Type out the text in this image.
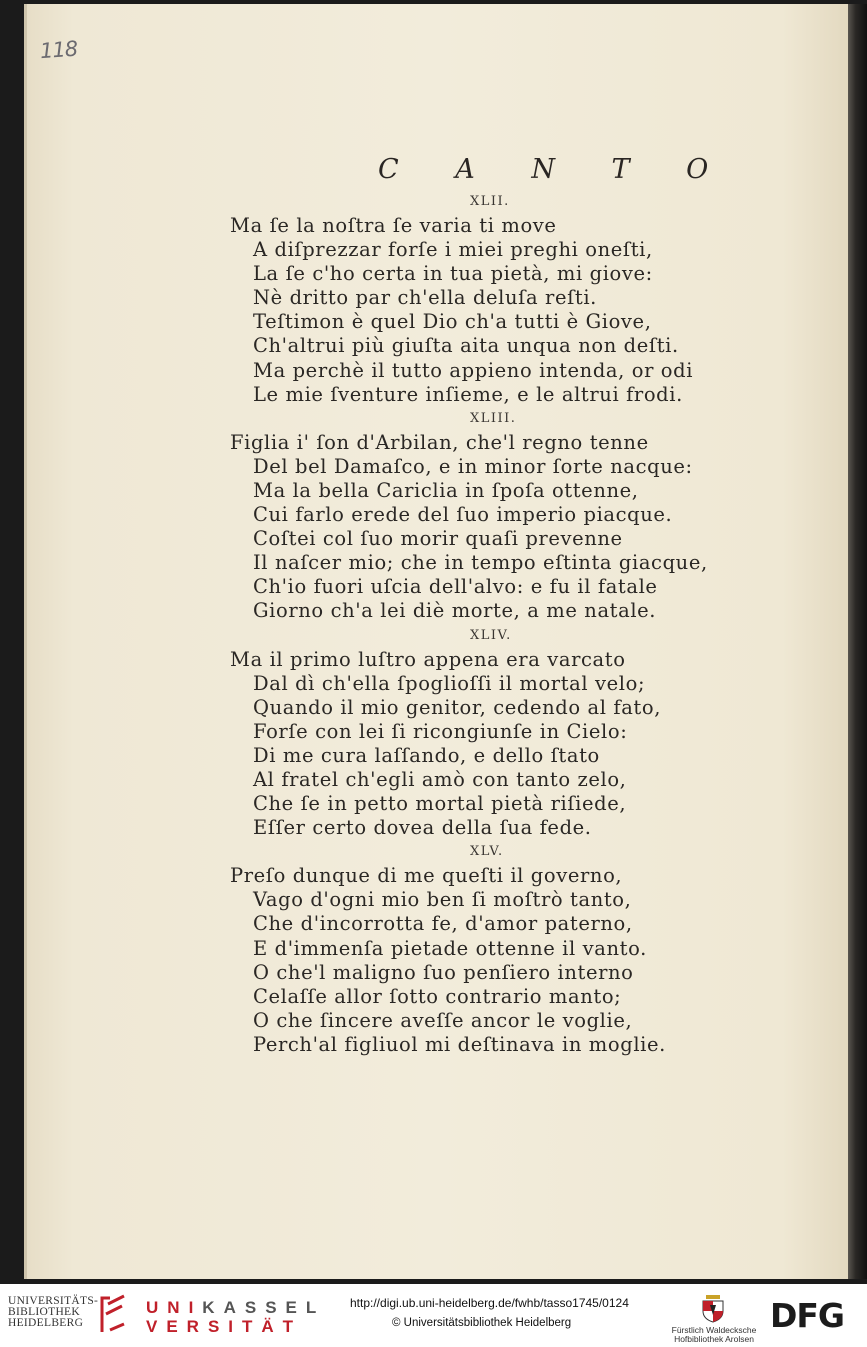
118
C A N T O
XLII.
Ma ſe la noſtra ſe varia ti move
A diſprezzar forſe i miei preghi oneſti,
La ſe c'ho certa in tua pietà, mi giove:
Nè dritto par ch'ella deluſa reſti.
Teſtimon è quel Dio ch'a tutti è Giove,
Ch'altrui più giuſta aita unqua non deſti.
Ma perchè il tutto appieno intenda, or odi
Le mie ſventure inſieme, e le altrui frodi.
XLIII.
Figlia i' ſon d'Arbilan, che'l regno tenne
Del bel Damaſco, e in minor ſorte nacque:
Ma la bella Cariclia in ſpoſa ottenne,
Cui farlo erede del ſuo imperio piacque.
Coſtei col ſuo morir quaſi prevenne
Il naſcer mio; che in tempo eſtinta giacque,
Ch'io fuori uſcia dell'alvo: e fu il fatale
Giorno ch'a lei diè morte, a me natale.
XLIV.
Ma il primo luſtro appena era varcato
Dal dì ch'ella ſpoglioſſi il mortal velo;
Quando il mio genitor, cedendo al fato,
Forſe con lei ſi ricongiunſe in Cielo:
Di me cura laſſando, e dello ſtato
Al fratel ch'egli amò con tanto zelo,
Che ſe in petto mortal pietà riſiede,
Eſſer certo dovea della ſua fede.
XLV.
Preſo dunque di me queſti il governo,
Vago d'ogni mio ben ſi moſtrò tanto,
Che d'incorrotta fe, d'amor paterno,
E d'immenſa pietade ottenne il vanto.
O che'l maligno ſuo penſiero interno
Celaſſe allor ſotto contrario manto;
O che ſincere aveſſe ancor le voglie,
Perch'al figliuol mi deſtinava in moglie.
UNIVERSITÄTS-
BIBLIOTHEK
HEIDELBERG
UNIKASSEL
VERSITÄT
http://digi.ub.uni-heidelberg.de/fwhb/tasso1745/0124
© Universitätsbibliothek Heidelberg
Fürstlich Waldecksche
Hofbibliothek Arolsen
DFG
